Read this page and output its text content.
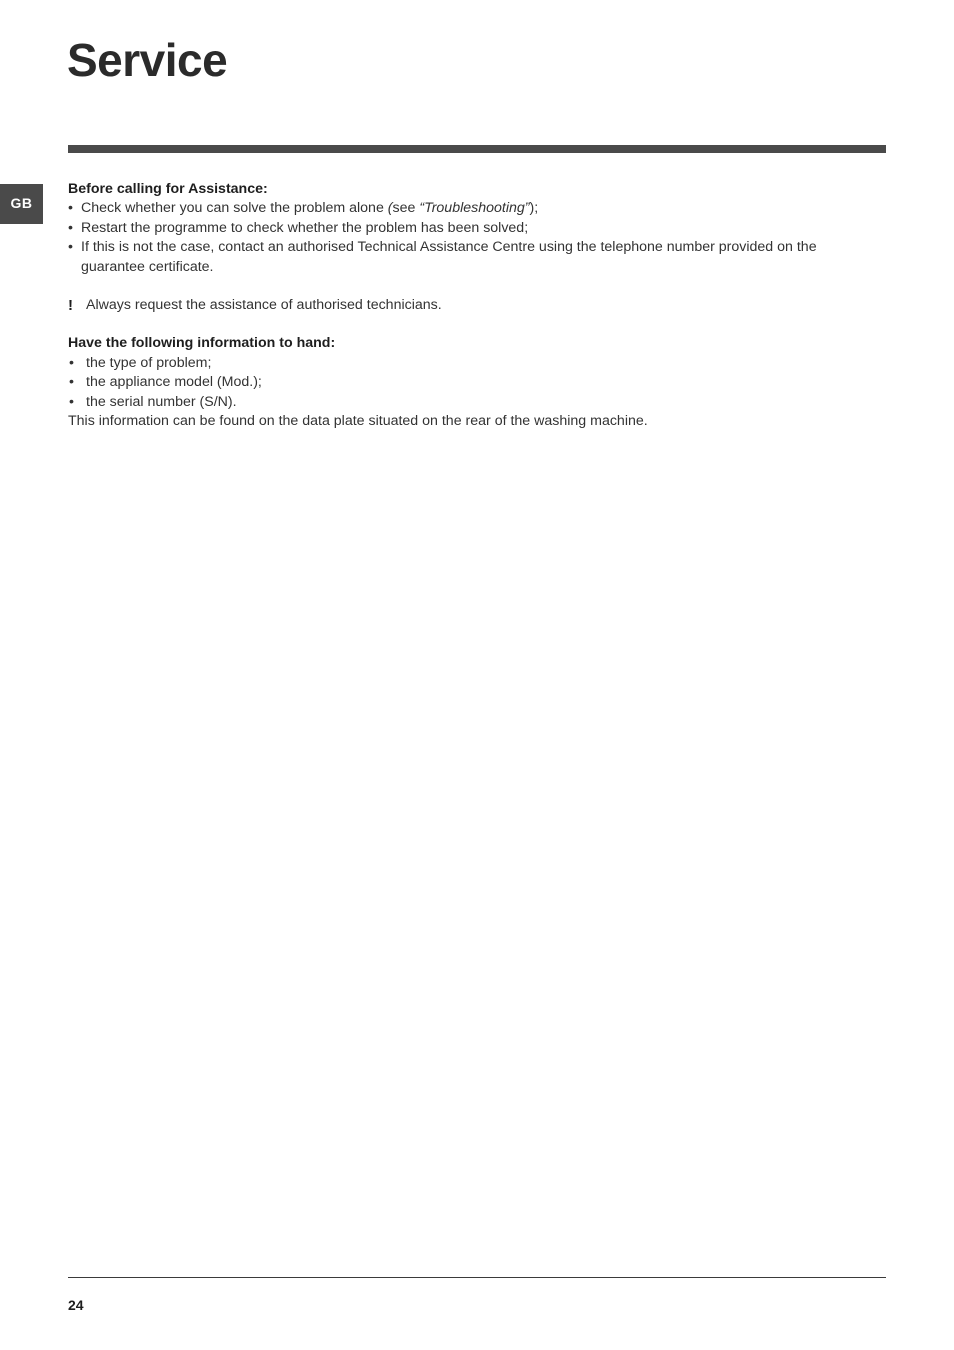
Service
GB

Before calling for Assistance:

• Check whether you can solve the problem alone (see “Troubleshooting”);
• Restart the programme to check whether the problem has been solved;
• If this is not the case, contact an authorised Technical Assistance Centre using the telephone number provided on the guarantee certificate.
! Always request the assistance of authorised technicians.

Have the following information to hand:

• the type of problem;
• the appliance model (Mod.);
• the serial number (S/N).
This information can be found on the data plate situated on the rear of the washing machine.
24
